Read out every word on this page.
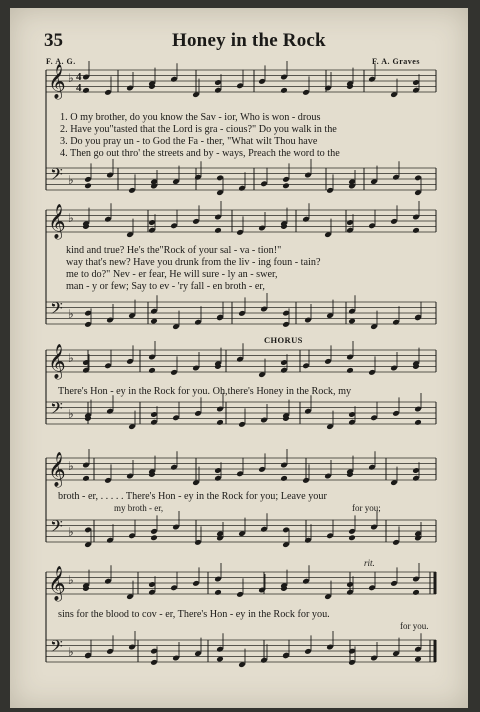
𝄞
𝄢
♭
♭
𝄞
𝄢
♭
♭
𝄞
𝄢
♭
♭
𝄞
𝄢
♭
♭
𝄞
𝄢
♭
♭
4
4
35	Honey in the Rock
F. A. G.	F. A. Graves
1. O my brother, do you know the Sav - ior, Who is won - drous
2. Have you"tasted that the Lord is gra - cious?" Do you walk in the
3. Do you pray un - to God the Fa - ther, "What wilt Thou have
4. Then go out thro' the streets and by - ways, Preach the word to the
kind and true? He's the"Rock of your sal - va - tion!"
way that's new? Have you drunk from the liv - ing foun - tain?
me to do?" Nev - er fear, He will sure - ly an - swer,
man - y or few; Say to ev - 'ry fall - en broth - er,
CHORUS
There's Hon - ey in the Rock for you. Oh,there's Honey in the Rock, my
broth - er, . . . . . There's Hon - ey in the Rock for you; Leave your
my broth - er,	for you;
rit.
sins for the blood to cov - er, There's Hon - ey in the Rock for you.
for you.
